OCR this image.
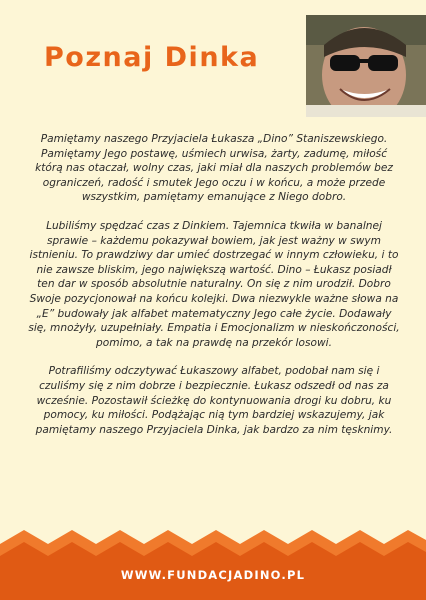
Poznaj Dinka

Pamiętamy naszego Przyjaciela Łukasza „Dino” Staniszewskiego. Pamiętamy Jego postawę, uśmiech urwisa, żarty, zadumę, miłość którą nas otaczał, wolny czas, jaki miał dla naszych problemów bez ograniczeń, radość i smutek Jego oczu i w końcu, a może przede wszystkim, pamiętamy emanujące z Niego dobro.

Lubiliśmy spędzać czas z Dinkiem. Tajemnica tkwiła w banalnej sprawie – każdemu pokazywał bowiem, jak jest ważny w swym istnieniu. To prawdziwy dar umieć dostrzegać w innym człowieku, i to nie zawsze bliskim, jego największą wartość. Dino – Łukasz posiadł ten dar w sposób absolutnie naturalny. On się z nim urodził. Dobro Swoje pozycjonował na końcu kolejki. Dwa niezwykle ważne słowa na „E” budowały jak alfabet matematyczny Jego całe życie. Dodawały się, mnożyły, uzupełniały. Empatia i Emocjonalizm w nieskończoności, pomimo, a tak na prawdę na przekór losowi.

Potrafiliśmy odczytywać Łukaszowy alfabet, podobał nam się i czuliśmy się z nim dobrze i bezpiecznie. Łukasz odszedł od nas za wcześnie. Pozostawił ścieżkę do kontynuowania drogi ku dobru, ku pomocy, ku miłości. Podążając nią tym bardziej wskazujemy, jak pamiętamy naszego Przyjaciela Dinka, jak bardzo za nim tęsknimy.

WWW.FUNDACJADINO.PL
